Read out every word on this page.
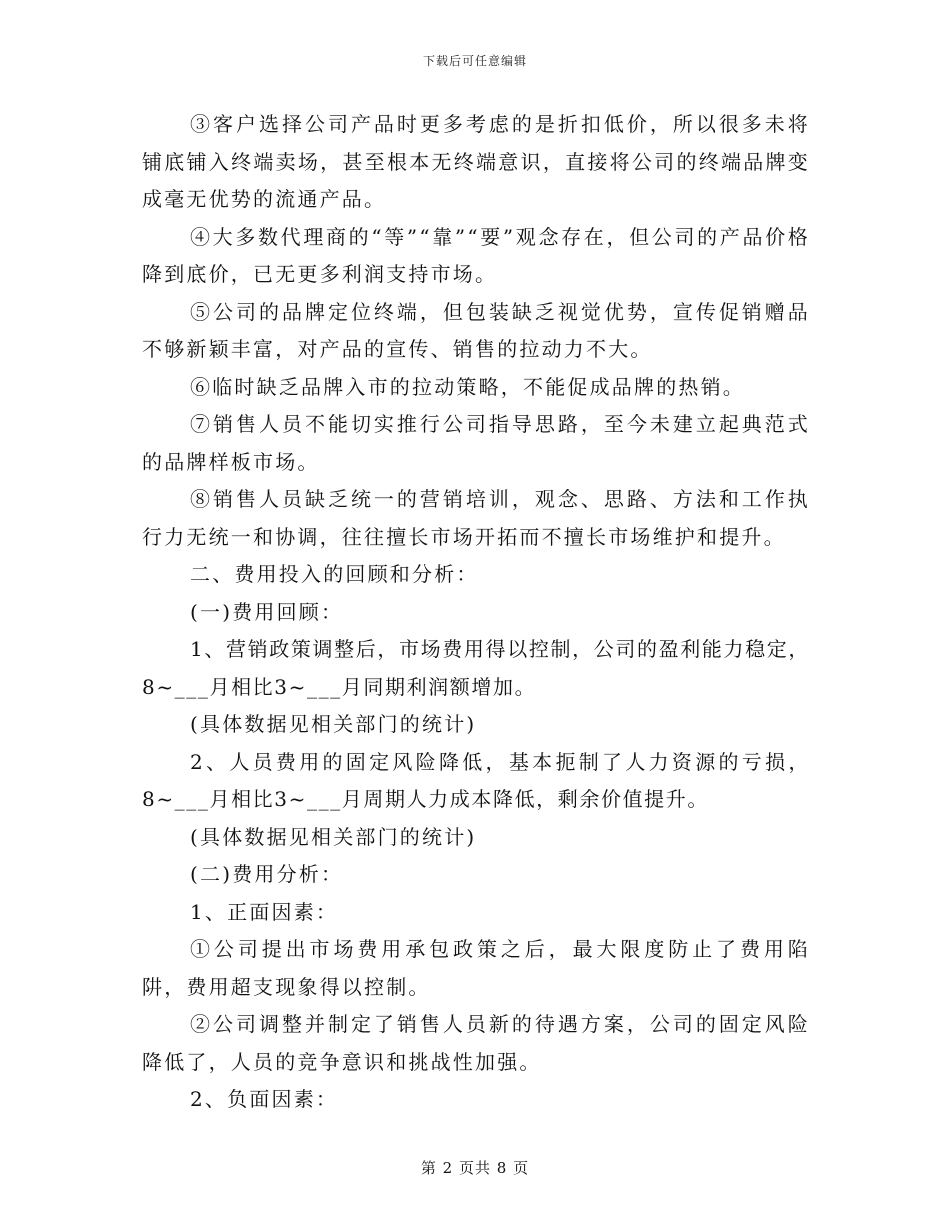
下载后可任意编辑

③客户选择公司产品时更多考虑的是折扣低价，所以很多未将铺底铺入终端卖场，甚至根本无终端意识，直接将公司的终端品牌变成毫无优势的流通产品。

④大多数代理商的“等”“靠”“要”观念存在，但公司的产品价格降到底价，已无更多利润支持市场。

⑤公司的品牌定位终端，但包装缺乏视觉优势，宣传促销赠品不够新颖丰富，对产品的宣传、销售的拉动力不大。

⑥临时缺乏品牌入市的拉动策略，不能促成品牌的热销。

⑦销售人员不能切实推行公司指导思路，至今未建立起典范式的品牌样板市场。

⑧销售人员缺乏统一的营销培训，观念、思路、方法和工作执行力无统一和协调，往往擅长市场开拓而不擅长市场维护和提升。

二、费用投入的回顾和分析：

(一)费用回顾：

1、营销政策调整后，市场费用得以控制，公司的盈利能力稳定，8~___月相比3~___月同期利润额增加。

(具体数据见相关部门的统计)

2、人员费用的固定风险降低，基本扼制了人力资源的亏损，8~___月相比3~___月周期人力成本降低，剩余价值提升。

(具体数据见相关部门的统计)

(二)费用分析：

1、正面因素：

①公司提出市场费用承包政策之后，最大限度防止了费用陷阱，费用超支现象得以控制。

②公司调整并制定了销售人员新的待遇方案，公司的固定风险降低了，人员的竞争意识和挑战性加强。

2、负面因素：

第 2 页共 8 页
